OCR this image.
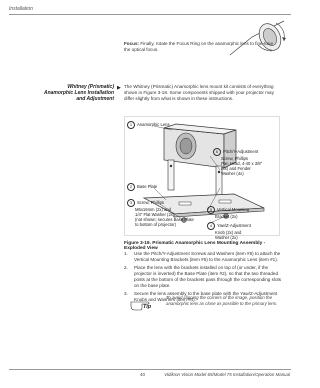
Installation
Focus: Finally, rotate the Focus Ring on the anamorphic lens to fine-tune the optical focus.
Whitney (Prismatic)
Anamorphic Lens Installation
and Adjustment
▶ The Whitney (Prismatic) Anamorphic lens mount kit consists of everything shown in Figure 3-18. Some components shipped with your projector may differ slightly from what is shown in these instructions.
1 Anamorphic Lens
2 Base Plate
3 Screw, Phillips
M6x16mm (2x) and
1/4" Flat Washer (2x)
(not shown; secures Base Plate
to bottom of projector)
6 Pitch/Y-Adjustment
Screw, Phillips
Pan Head, 4-40 x 3/8"
(4x) and Fender
Washer (4x)
5 Vertical Mounting
Bracket (2x)
4 Yaw/Z-Adjustment
Knob (2x) and
Washer (2x)
Figure 3-19. Prismatic Anamorphic Lens Mounting Assembly - Exploded View
1. Use the Pitch/Y-Adjustment Screws and Washers (item #6) to attach the Vertical Mounting Brackets (item #5) to the Anamorphic Lens (item #1).
2. Place the lens with the brackets installed on top of (or under, if the projector is inverted) the Base Plate (item #2), so that the two threaded posts at the bottom of the brackets pass through the corresponding slots on the base plate.
3. Secure the lens assembly to the base plate with the Yaw/Z-Adjustment Knobs and Washers (item #4).
Tip
To avoid clipping the corners of the image, position the anamorphic lens as close as possible to the primary lens.
40	Vidikron Vision Model 65/Model 75 Installation/Operation Manual
